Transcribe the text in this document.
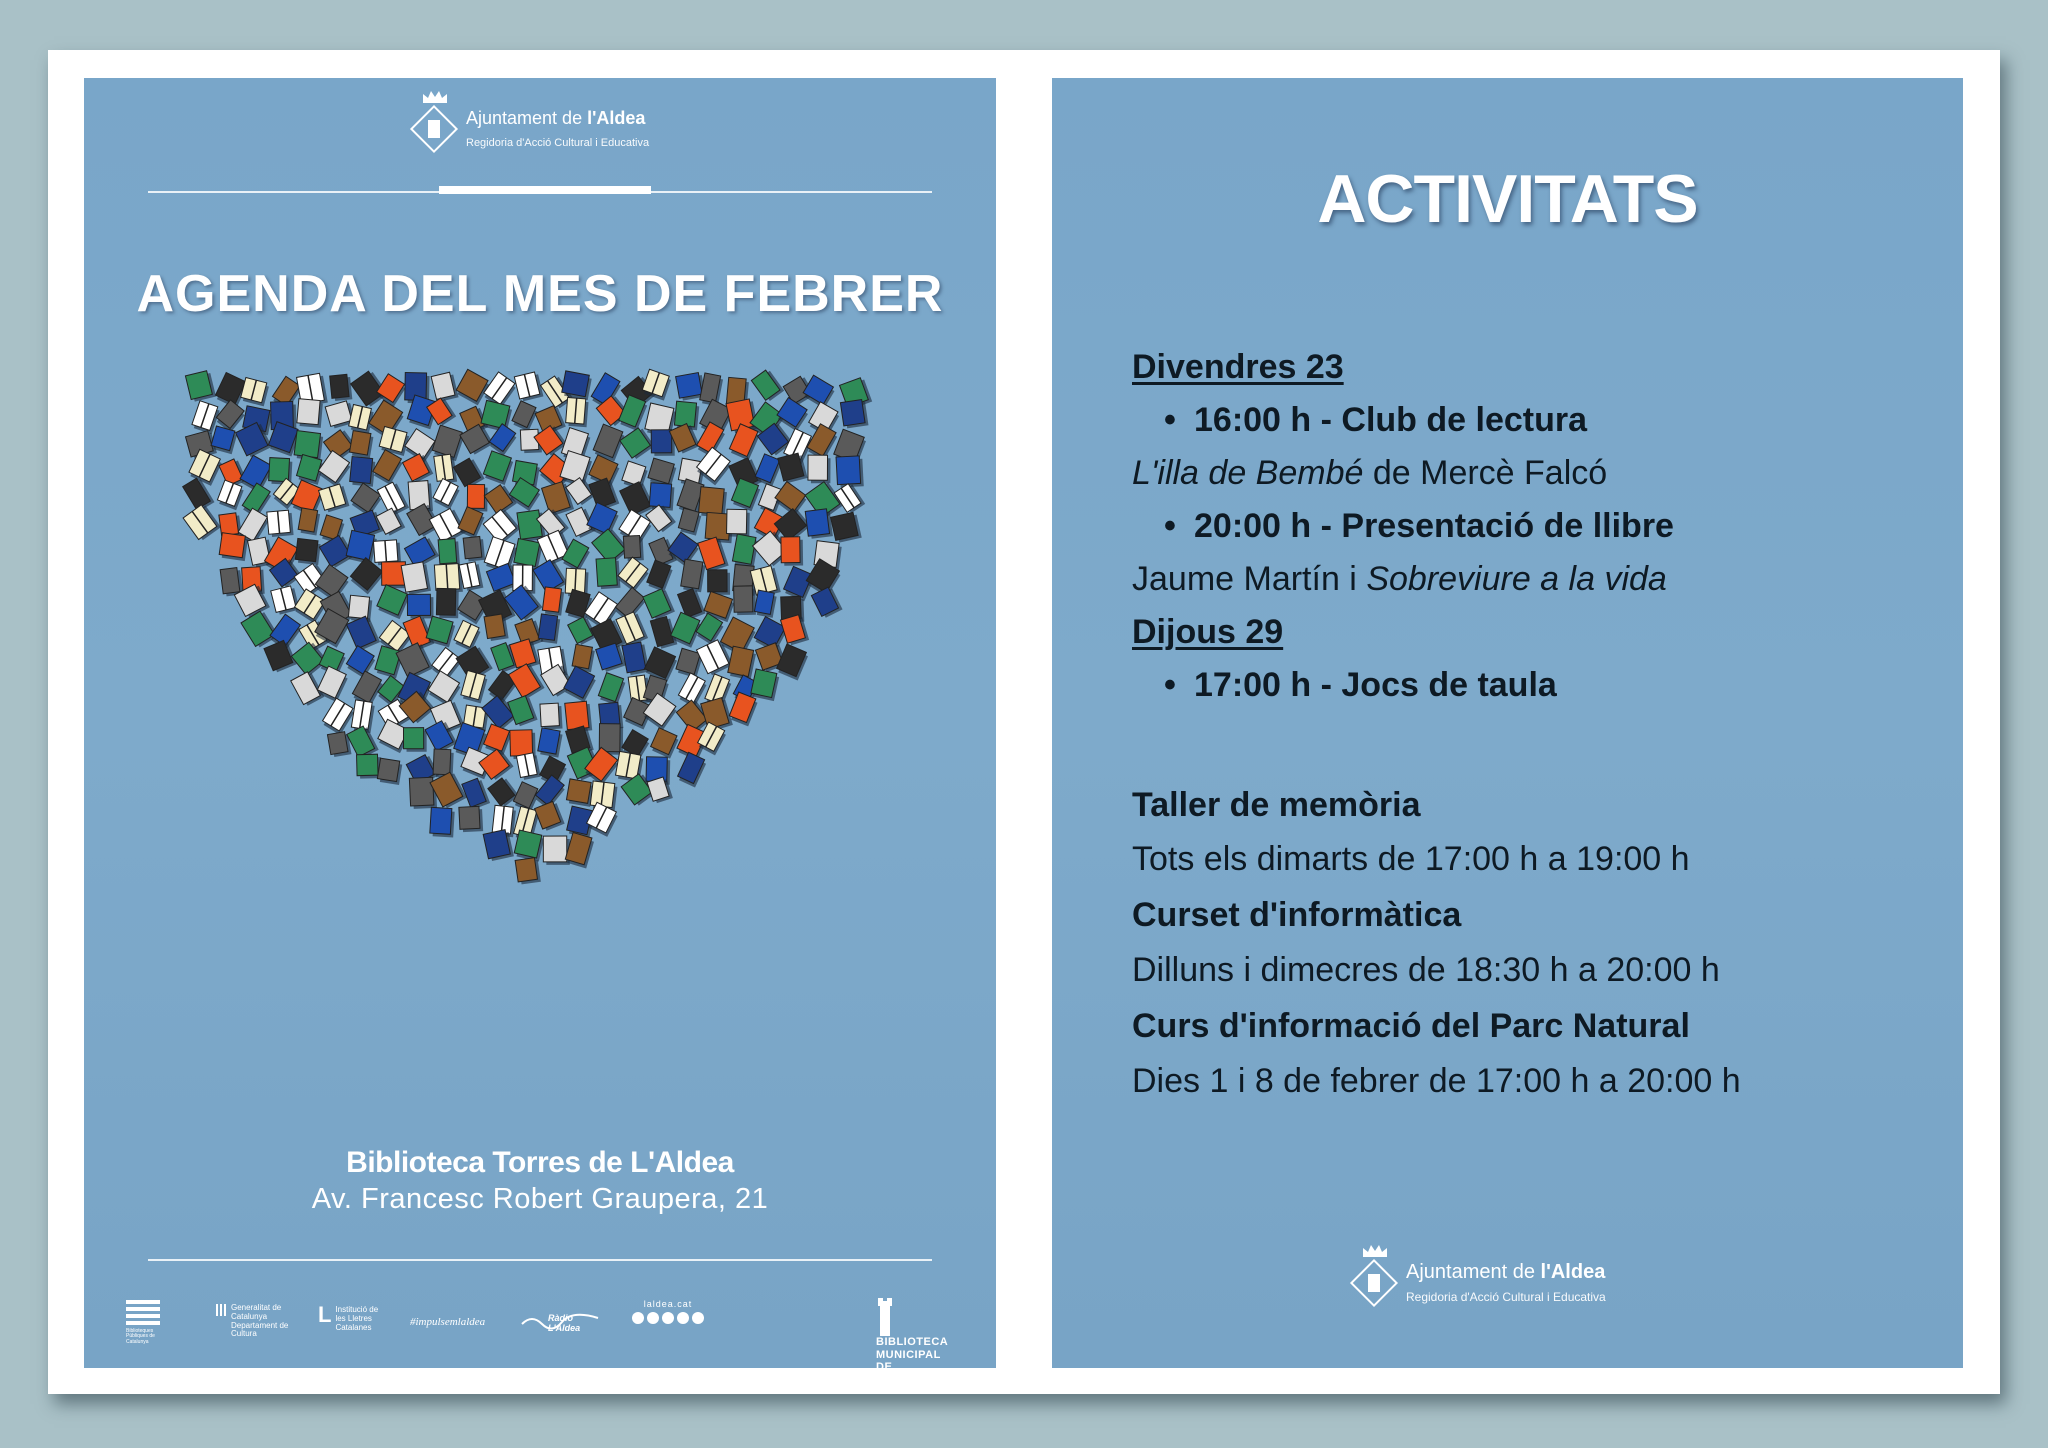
Ajuntament de l'Aldea
Regidoria d'Acció Cultural i Educativa
AGENDA DEL MES DE FEBRER
Biblioteca Torres de L'Aldea
Av. Francesc Robert Graupera, 21
Biblioteques Públiques de Catalunya
Generalitat de Catalunya Departament de Cultura
L Institució de les Lletres Catalanes	#impulsemlaldea	Ràdio L'Aldea
laldea.cat
BIBLIOTECA MUNICIPAL DE L'ALDEA
ACTIVITATS
Divendres 23
• 16:00 h - Club de lectura
L'illa de Bembé de Mercè Falcó
• 20:00 h - Presentació de llibre
Jaume Martín i Sobreviure a la vida
Dijous 29
• 17:00 h - Jocs de taula
Taller de memòria
Tots els dimarts de 17:00 h a 19:00 h
Curset d'informàtica
Dilluns i dimecres de 18:30 h a 20:00 h
Curs d'informació del Parc Natural
Dies 1 i 8 de febrer de 17:00 h a 20:00 h
Ajuntament de l'Aldea
Regidoria d'Acció Cultural i Educativa
